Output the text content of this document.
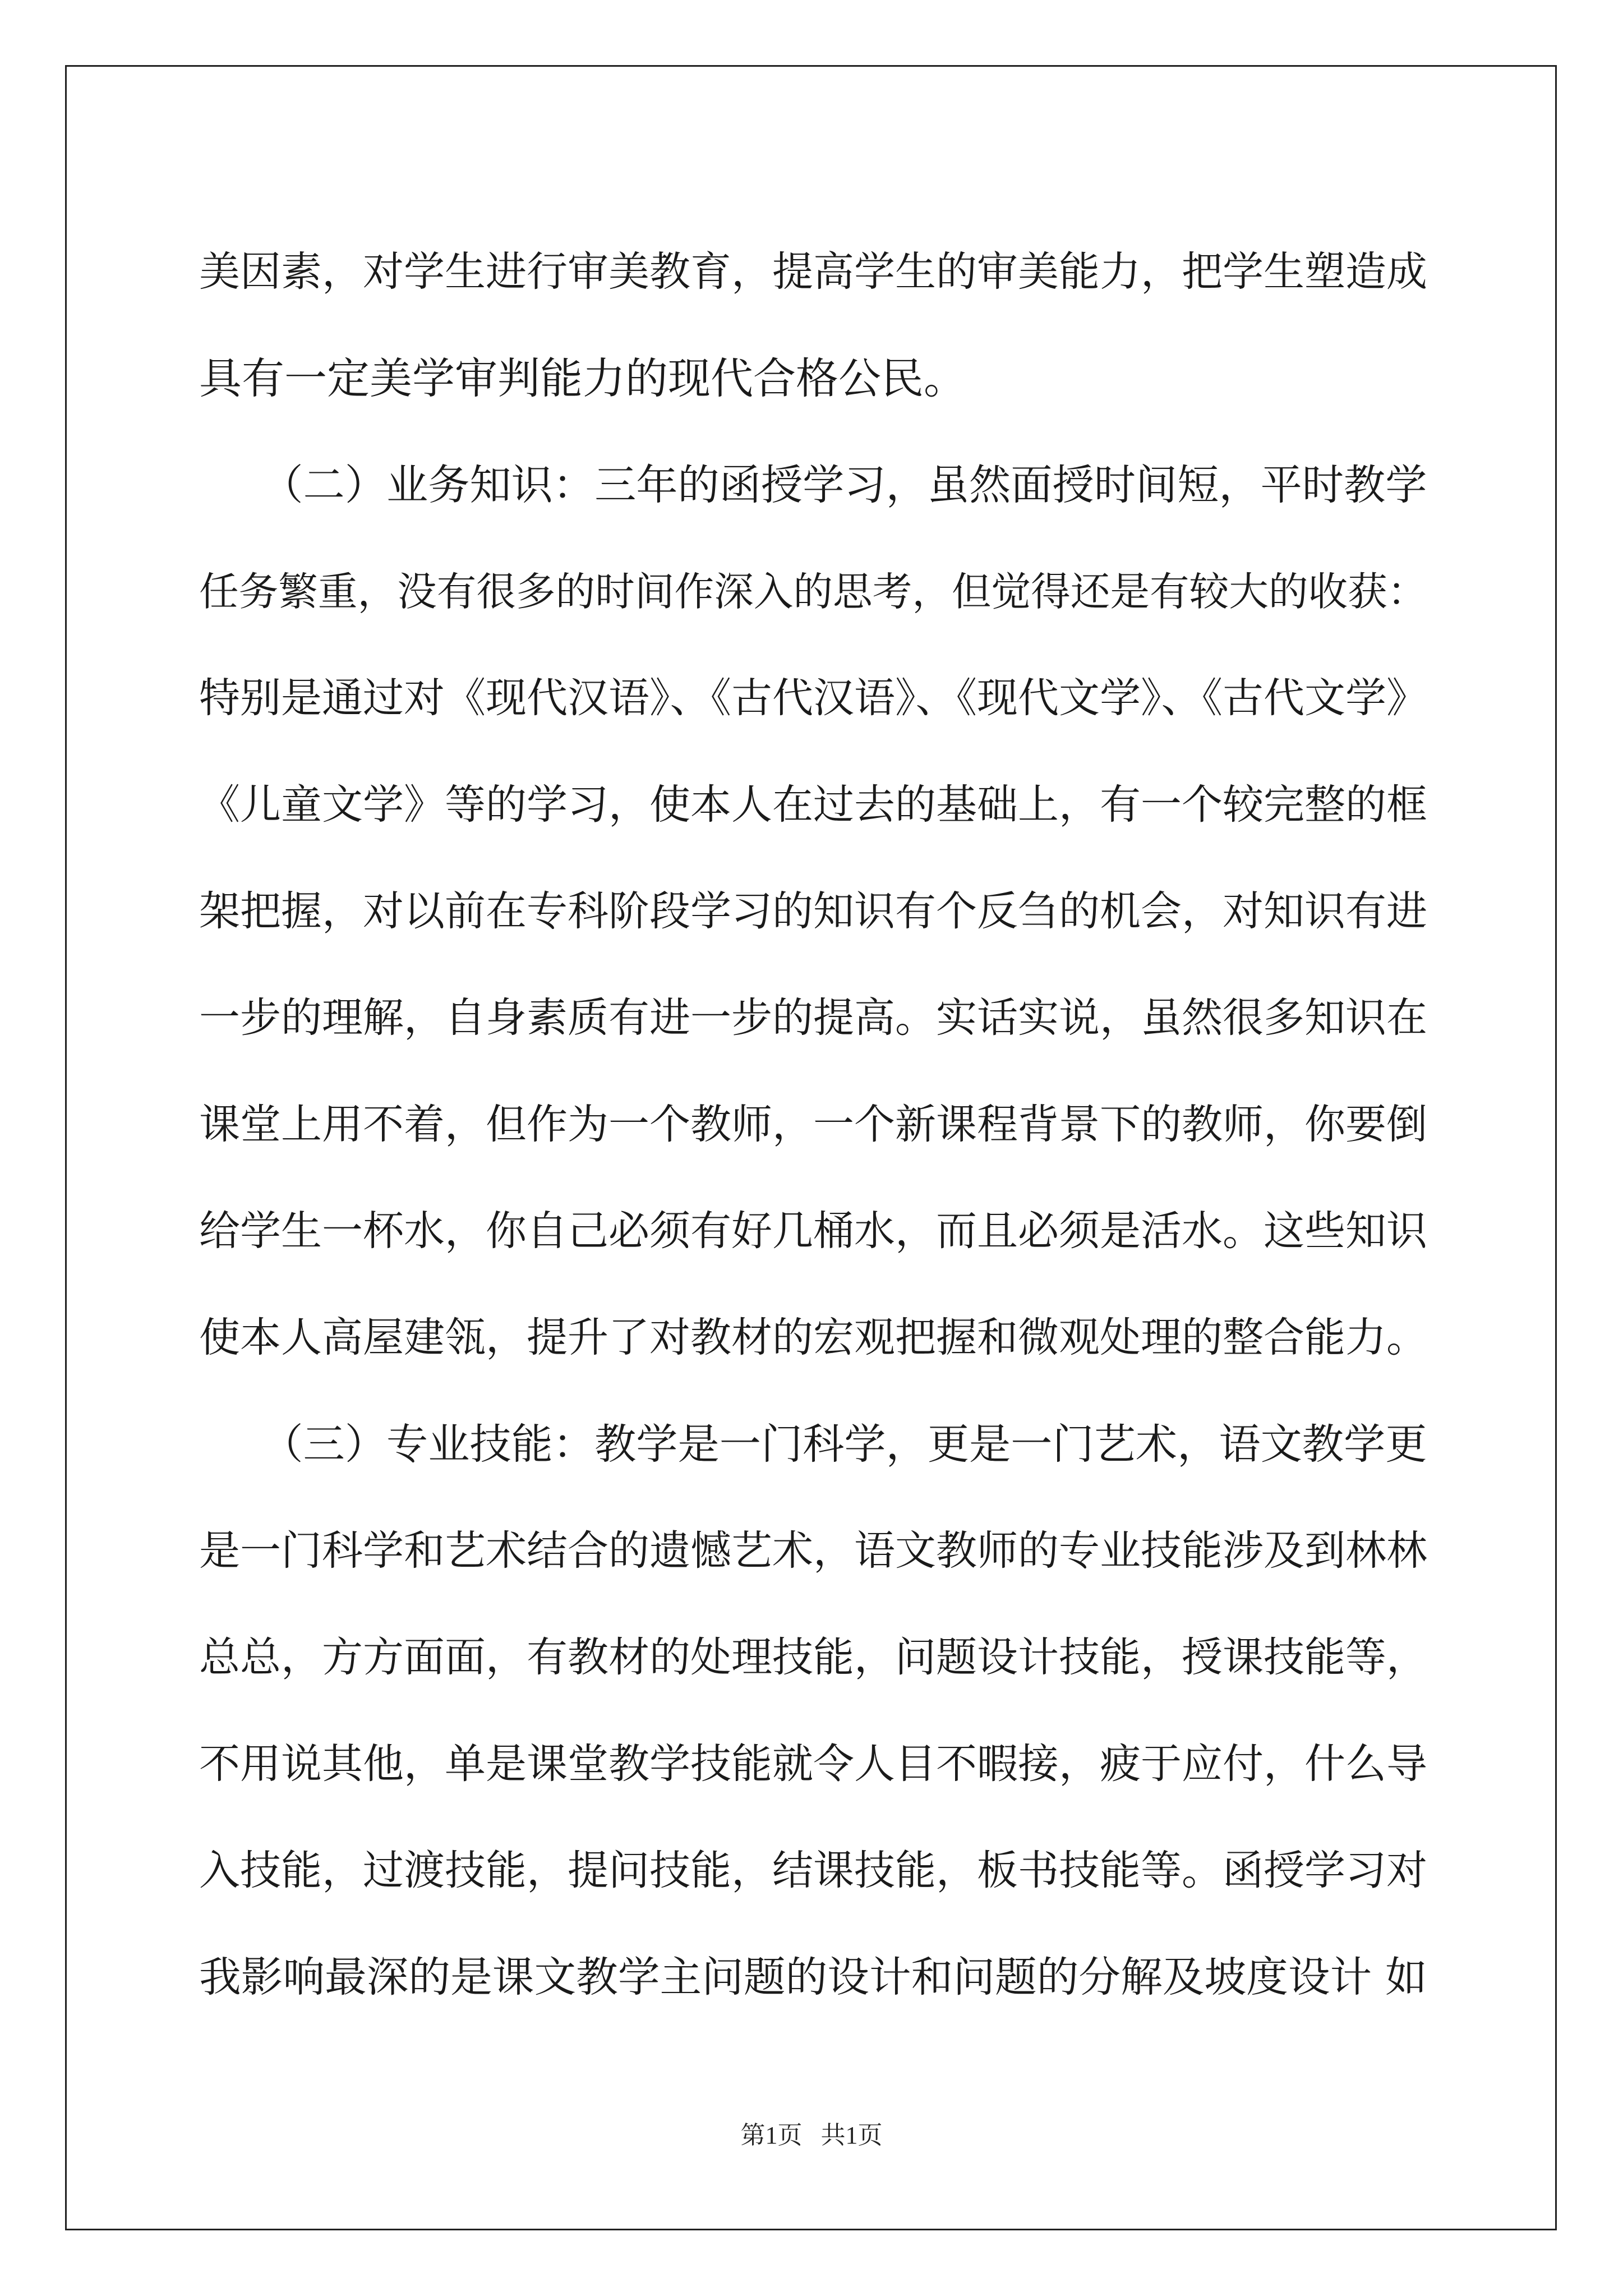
美因素，对学生进行审美教育，提高学生的审美能力，把学生塑造成

具有一定美学审判能力的现代合格公民。

　　（二）业务知识：三年的函授学习，虽然面授时间短，平时教学

任务繁重，没有很多的时间作深入的思考，但觉得还是有较大的收获：

特别是通过对《现代汉语》、《古代汉语》、《现代文学》、《古代文学》

《儿童文学》等的学习，使本人在过去的基础上，有一个较完整的框

架把握，对以前在专科阶段学习的知识有个反刍的机会，对知识有进

一步的理解，自身素质有进一步的提高。实话实说，虽然很多知识在

课堂上用不着，但作为一个教师，一个新课程背景下的教师，你要倒

给学生一杯水，你自己必须有好几桶水，而且必须是活水。这些知识

使本人高屋建瓴，提升了对教材的宏观把握和微观处理的整合能力。

　　（三）专业技能：教学是一门科学，更是一门艺术，语文教学更

是一门科学和艺术结合的遗憾艺术，语文教师的专业技能涉及到林林

总总，方方面面，有教材的处理技能，问题设计技能，授课技能等，

不用说其他，单是课堂教学技能就令人目不暇接，疲于应付，什么导

入技能，过渡技能，提问技能，结课技能，板书技能等。函授学习对

我影响最深的是课文教学主问题的设计和问题的分解及坡度设计 如

第1页   共1页
